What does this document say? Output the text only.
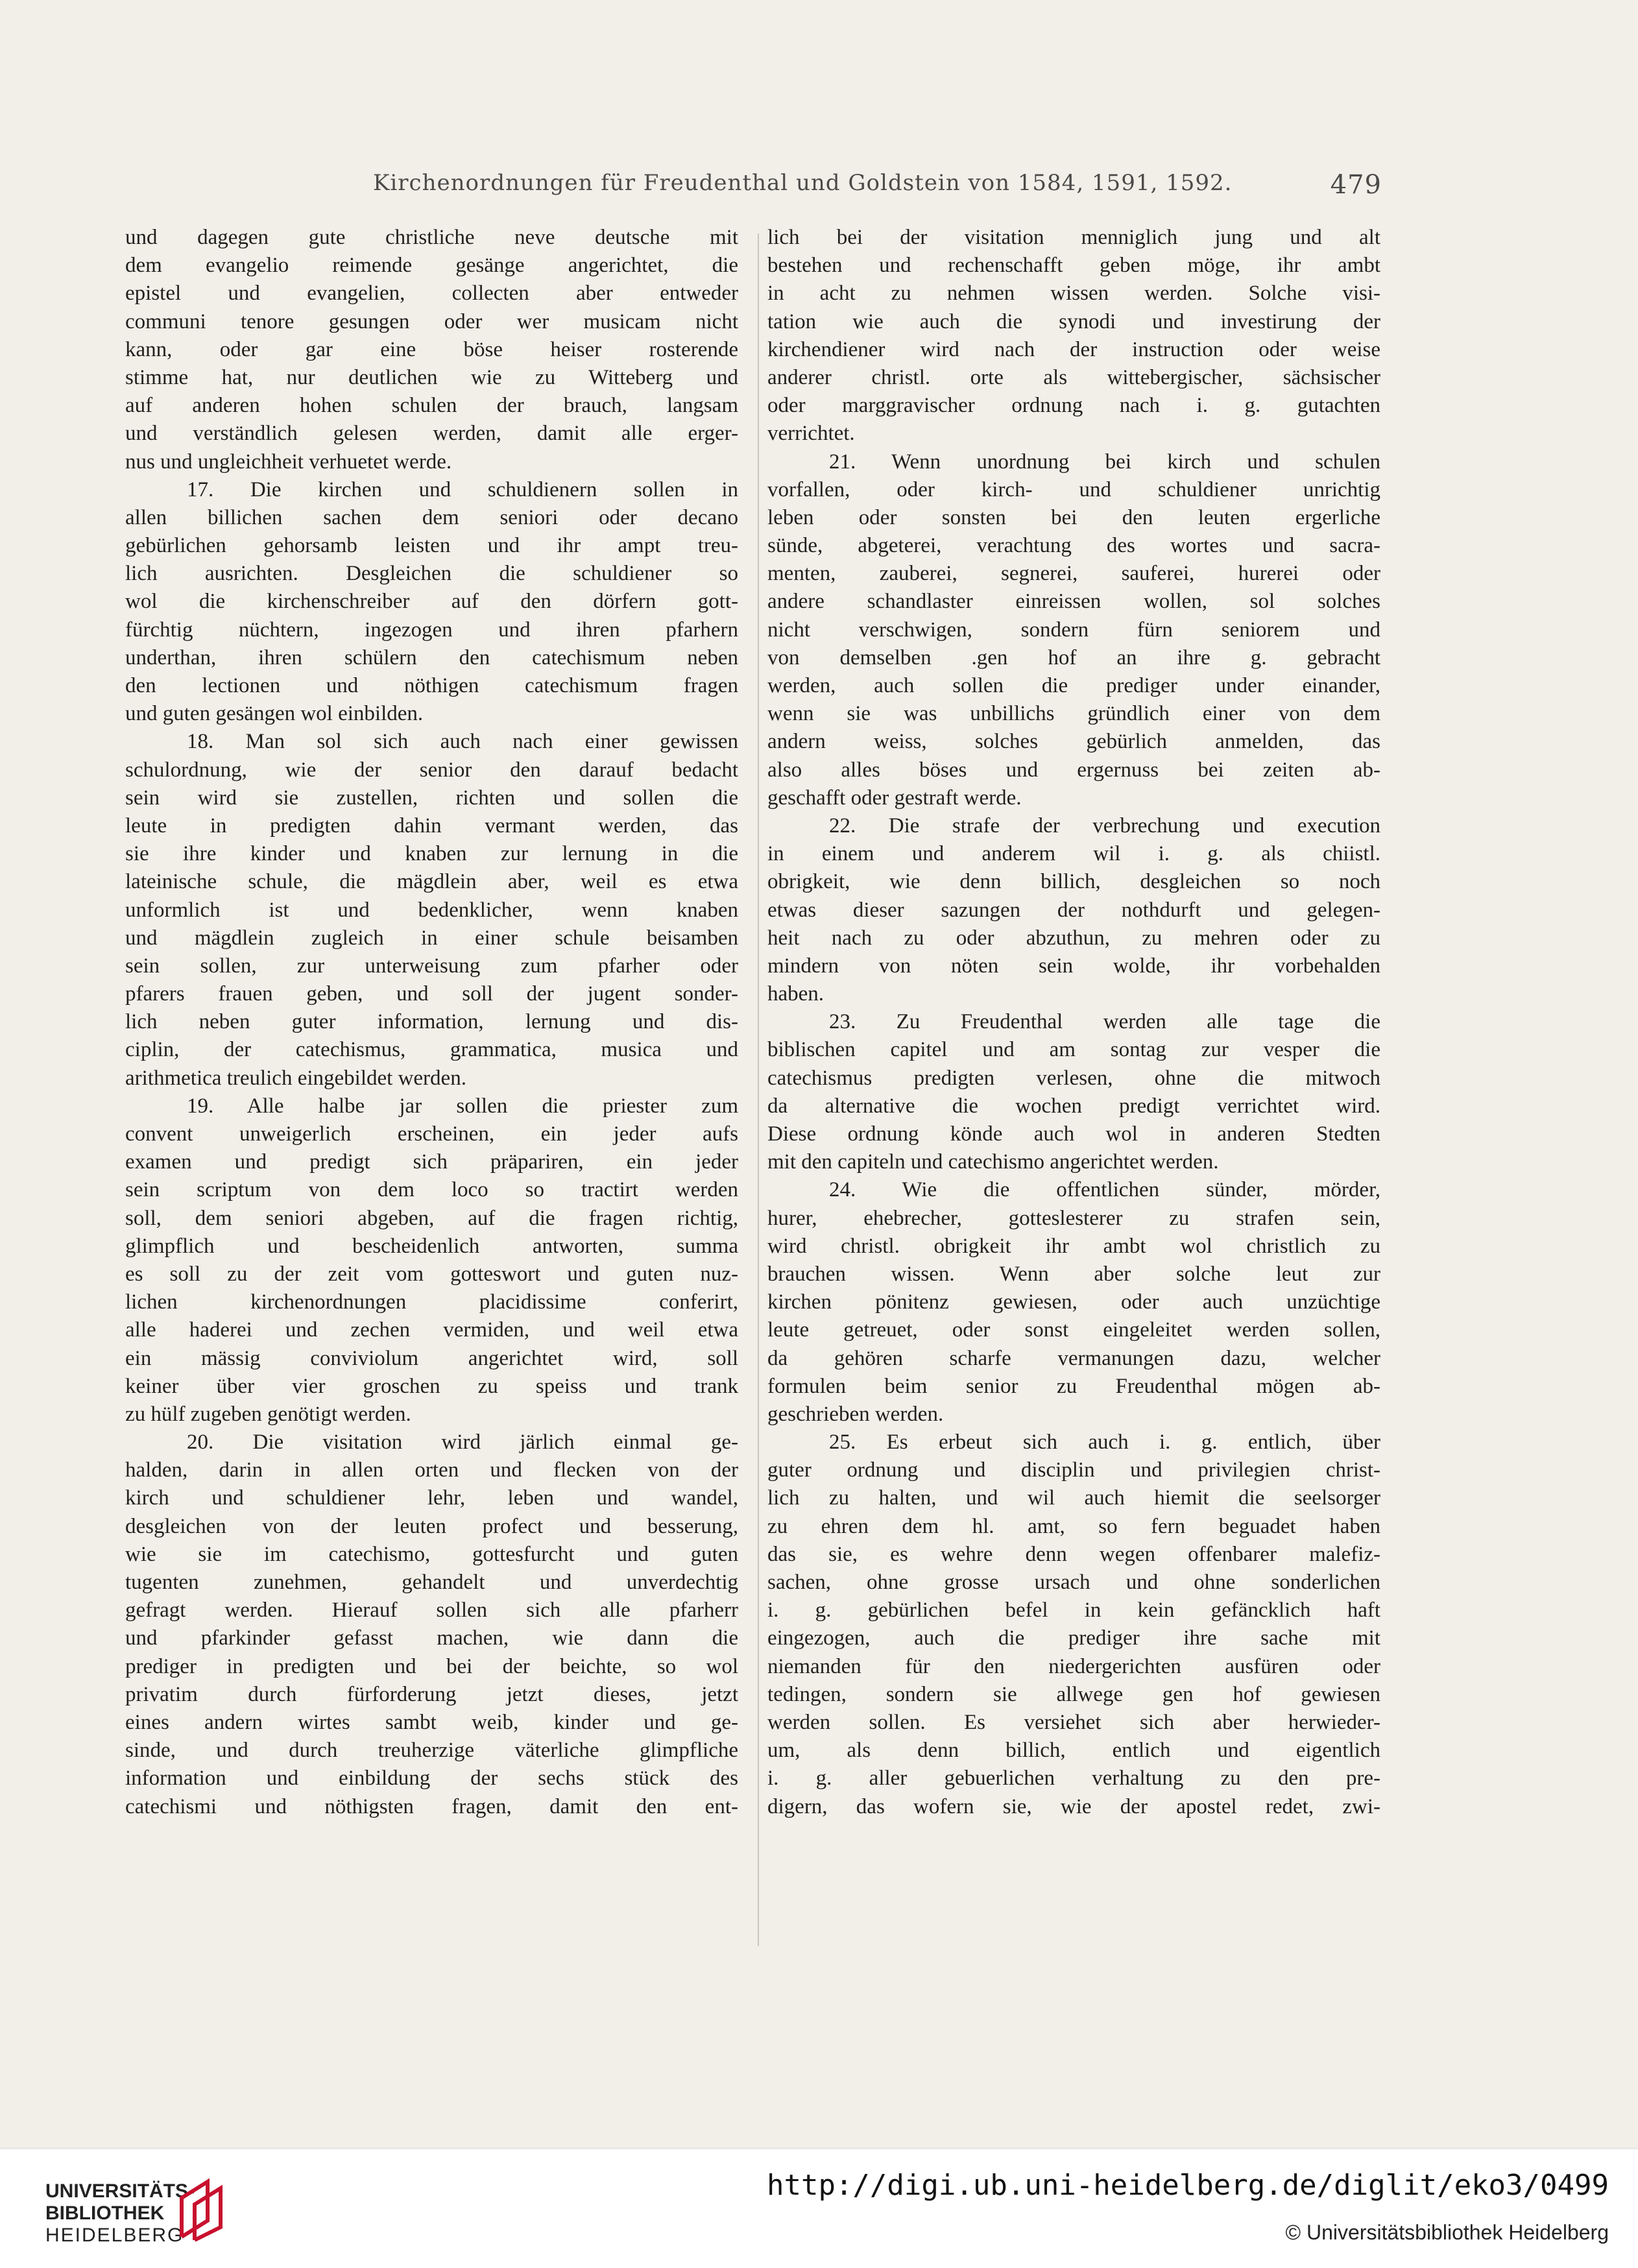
Kirchenordnungen für Freudenthal und Goldstein von 1584, 1591, 1592.	479
und dagegen gute christliche neve deutsche mit
dem evangelio reimende gesänge angerichtet, die
epistel und evangelien, collecten aber entweder
communi tenore gesungen oder wer musicam nicht
kann, oder gar eine böse heiser rosterende
stimme hat, nur deutlichen wie zu Witteberg und
auf anderen hohen schulen der brauch, langsam
und verständlich gelesen werden, damit alle erger-
nus und ungleichheit verhuetet werde.
17. Die kirchen und schuldienern sollen in
allen billichen sachen dem seniori oder decano
gebürlichen gehorsamb leisten und ihr ampt treu-
lich ausrichten. Desgleichen die schuldiener so
wol die kirchenschreiber auf den dörfern gott-
fürchtig nüchtern, ingezogen und ihren pfarhern
underthan, ihren schülern den catechismum neben
den lectionen und nöthigen catechismum fragen
und guten gesängen wol einbilden.
18. Man sol sich auch nach einer gewissen
schulordnung, wie der senior den darauf bedacht
sein wird sie zustellen, richten und sollen die
leute in predigten dahin vermant werden, das
sie ihre kinder und knaben zur lernung in die
lateinische schule, die mägdlein aber, weil es etwa
unformlich ist und bedenklicher, wenn knaben
und mägdlein zugleich in einer schule beisamben
sein sollen, zur unterweisung zum pfarher oder
pfarers frauen geben, und soll der jugent sonder-
lich neben guter information, lernung und dis-
ciplin, der catechismus, grammatica, musica und
arithmetica treulich eingebildet werden.
19. Alle halbe jar sollen die priester zum
convent unweigerlich erscheinen, ein jeder aufs
examen und predigt sich präpariren, ein jeder
sein scriptum von dem loco so tractirt werden
soll, dem seniori abgeben, auf die fragen richtig,
glimpflich und bescheidenlich antworten, summa
es soll zu der zeit vom gotteswort und guten nuz-
lichen kirchenordnungen placidissime conferirt,
alle haderei und zechen vermiden, und weil etwa
ein mässig conviviolum angerichtet wird, soll
keiner über vier groschen zu speiss und trank
zu hülf zugeben genötigt werden.
20. Die visitation wird järlich einmal ge-
halden, darin in allen orten und flecken von der
kirch und schuldiener lehr, leben und wandel,
desgleichen von der leuten profect und besserung,
wie sie im catechismo, gottesfurcht und guten
tugenten zunehmen, gehandelt und unverdechtig
gefragt werden. Hierauf sollen sich alle pfarherr
und pfarkinder gefasst machen, wie dann die
prediger in predigten und bei der beichte, so wol
privatim durch fürforderung jetzt dieses, jetzt
eines andern wirtes sambt weib, kinder und ge-
sinde, und durch treuherzige väterliche glimpfliche
information und einbildung der sechs stück des
catechismi und nöthigsten fragen, damit den ent-
lich bei der visitation menniglich jung und alt
bestehen und rechenschafft geben möge, ihr ambt
in acht zu nehmen wissen werden. Solche visi-
tation wie auch die synodi und investirung der
kirchendiener wird nach der instruction oder weise
anderer christl. orte als wittebergischer, sächsischer
oder marggravischer ordnung nach i. g. gutachten
verrichtet.
21. Wenn unordnung bei kirch und schulen
vorfallen, oder kirch- und schuldiener unrichtig
leben oder sonsten bei den leuten ergerliche
sünde, abgeterei, verachtung des wortes und sacra-
menten, zauberei, segnerei, sauferei, hurerei oder
andere schandlaster einreissen wollen, sol solches
nicht verschwigen, sondern fürn seniorem und
von demselben .gen hof an ihre g. gebracht
werden, auch sollen die prediger under einander,
wenn sie was unbillichs gründlich einer von dem
andern weiss, solches gebürlich anmelden, das
also alles böses und ergernuss bei zeiten ab-
geschafft oder gestraft werde.
22. Die strafe der verbrechung und execution
in einem und anderem wil i. g. als chiistl.
obrigkeit, wie denn billich, desgleichen so noch
etwas dieser sazungen der nothdurft und gelegen-
heit nach zu oder abzuthun, zu mehren oder zu
mindern von nöten sein wolde, ihr vorbehalden
haben.
23. Zu Freudenthal werden alle tage die
biblischen capitel und am sontag zur vesper die
catechismus predigten verlesen, ohne die mitwoch
da alternative die wochen predigt verrichtet wird.
Diese ordnung könde auch wol in anderen Stedten
mit den capiteln und catechismo angerichtet werden.
24. Wie die offentlichen sünder, mörder,
hurer, ehebrecher, gotteslesterer zu strafen sein,
wird christl. obrigkeit ihr ambt wol christlich zu
brauchen wissen. Wenn aber solche leut zur
kirchen pönitenz gewiesen, oder auch unzüchtige
leute getreuet, oder sonst eingeleitet werden sollen,
da gehören scharfe vermanungen dazu, welcher
formulen beim senior zu Freudenthal mögen ab-
geschrieben werden.
25. Es erbeut sich auch i. g. entlich, über
guter ordnung und disciplin und privilegien christ-
lich zu halten, und wil auch hiemit die seelsorger
zu ehren dem hl. amt, so fern beguadet haben
das sie, es wehre denn wegen offenbarer malefiz-
sachen, ohne grosse ursach und ohne sonderlichen
i. g. gebürlichen befel in kein gefäncklich haft
eingezogen, auch die prediger ihre sache mit
niemanden für den niedergerichten ausfüren oder
tedingen, sondern sie allwege gen hof gewiesen
werden sollen. Es versiehet sich aber herwieder-
um, als denn billich, entlich und eigentlich
i. g. aller gebuerlichen verhaltung zu den pre-
digern, das wofern sie, wie der apostel redet, zwi-
UNIVERSITÄTS-
BIBLIOTHEK
HEIDELBERG
http://digi.ub.uni-heidelberg.de/diglit/eko3/0499
© Universitätsbibliothek Heidelberg
